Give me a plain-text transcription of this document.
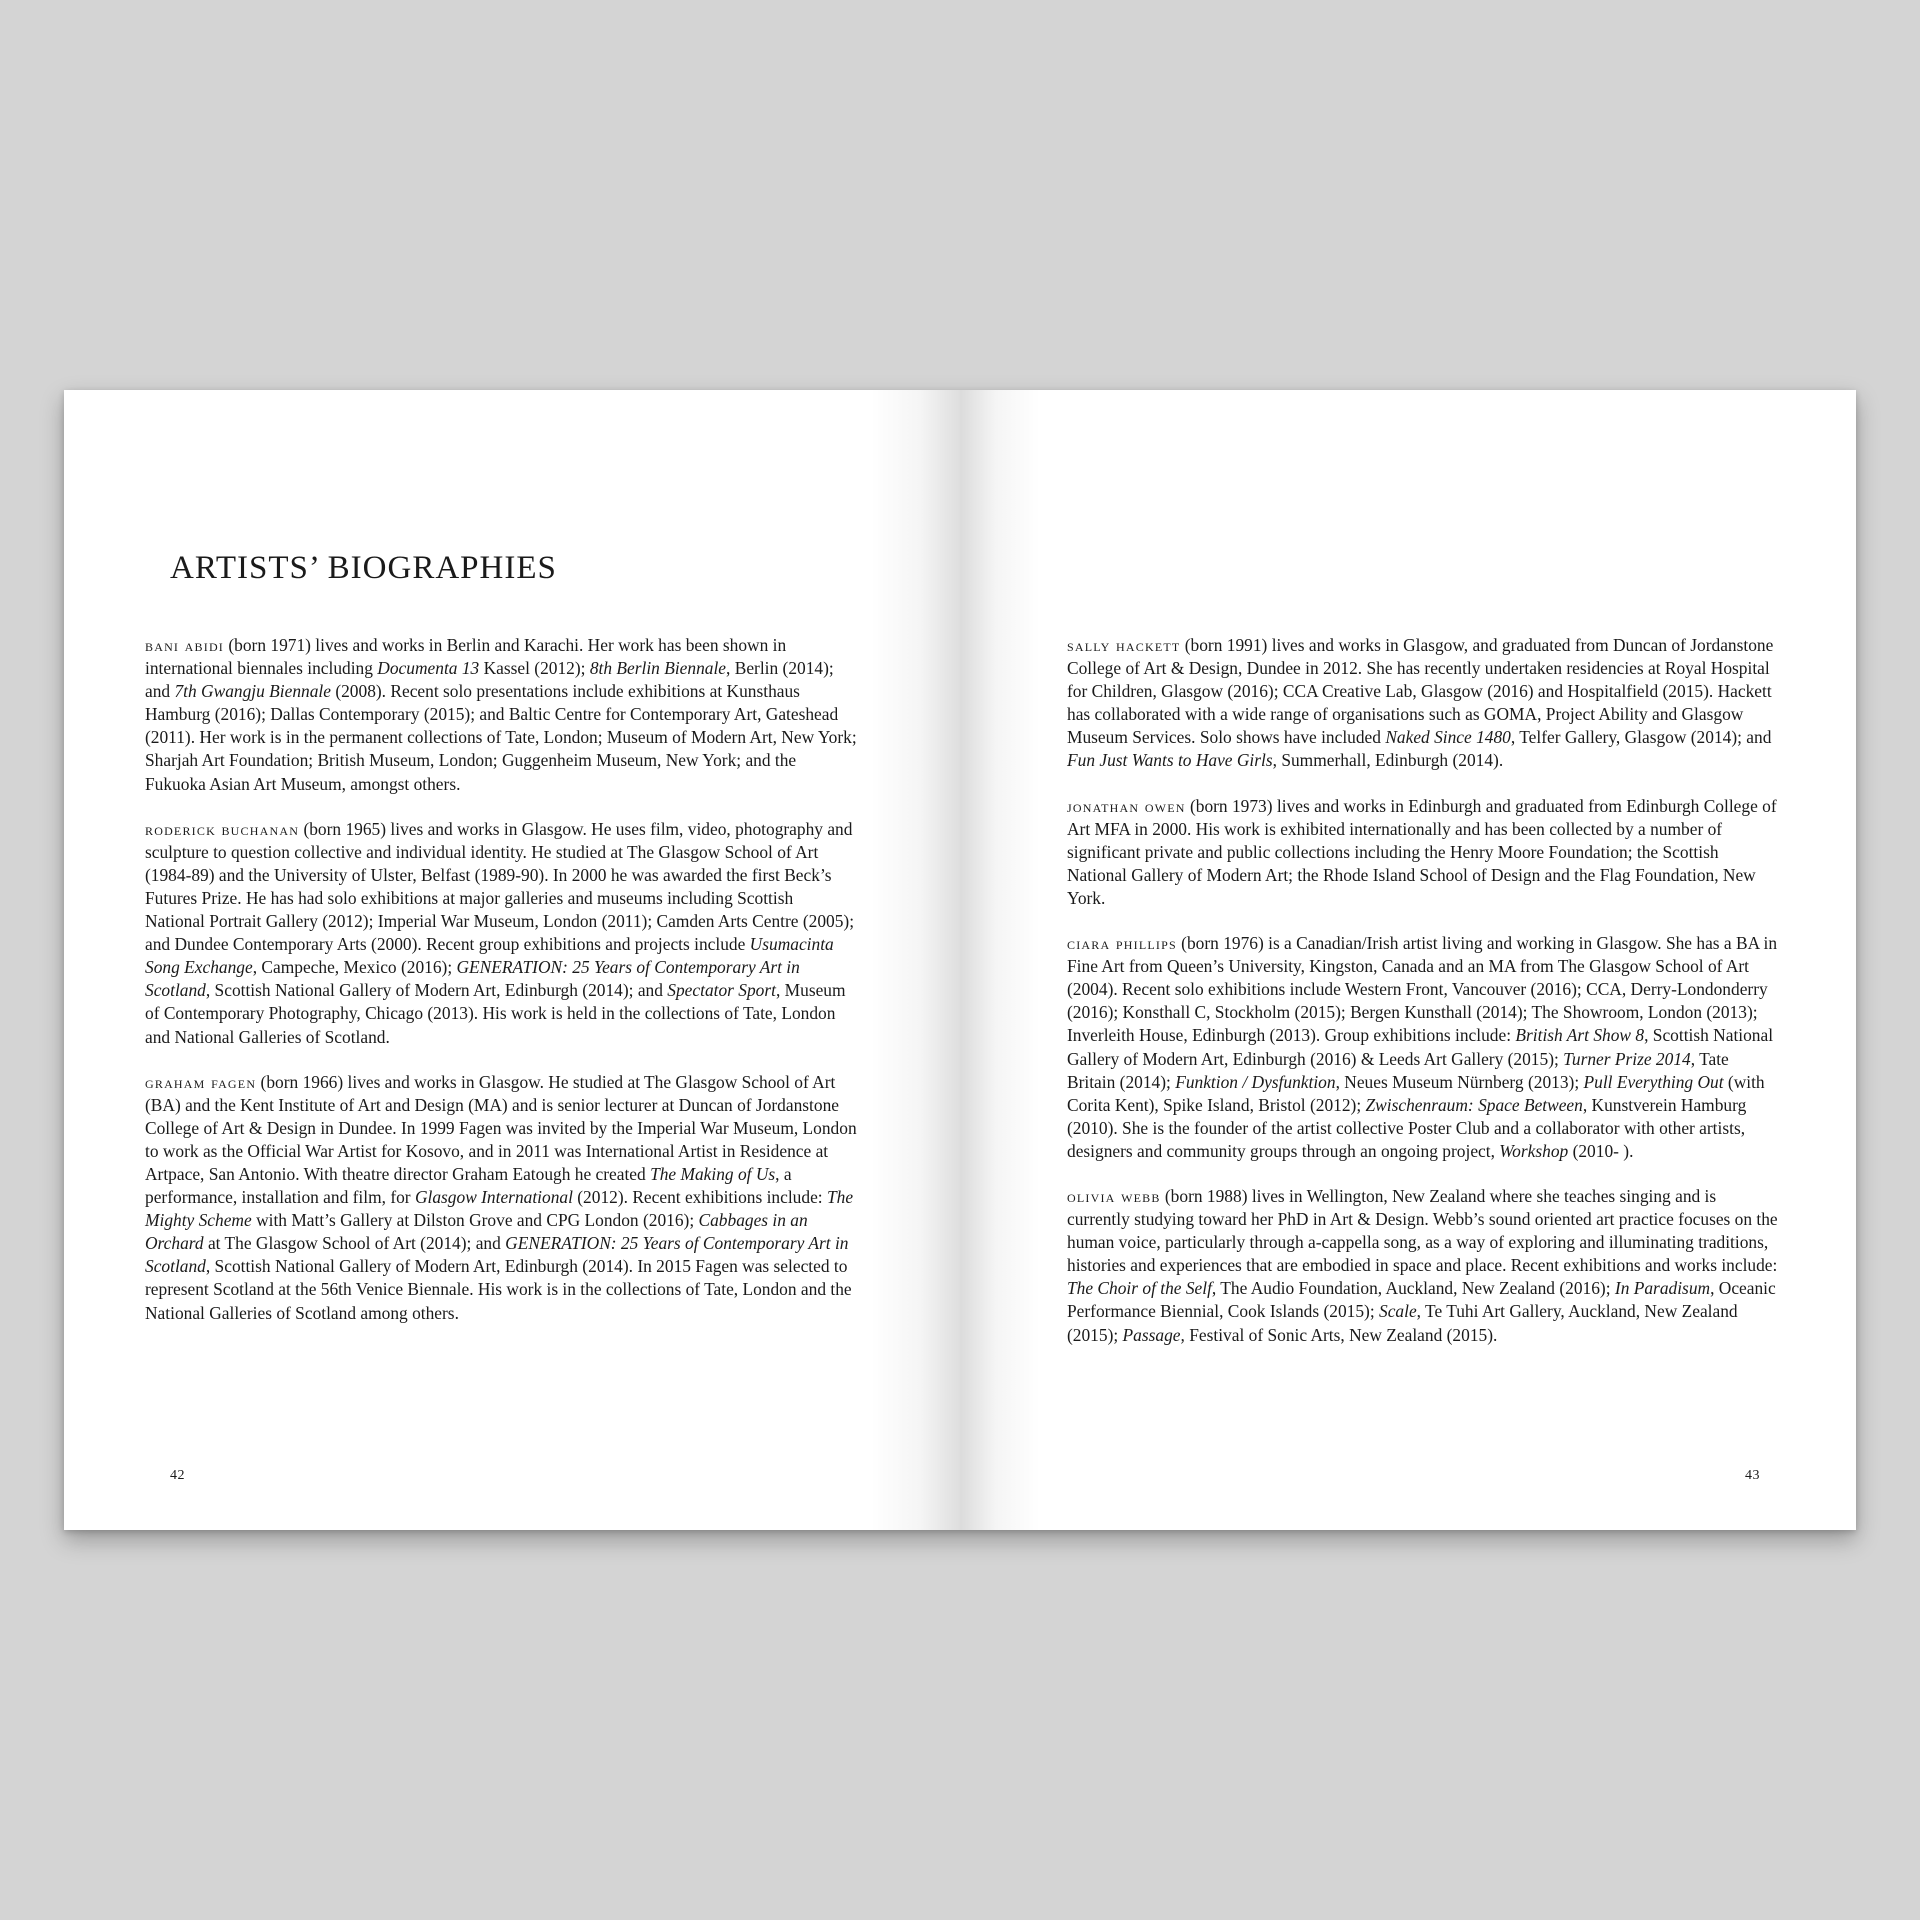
ARTISTS’ BIOGRAPHIES

bani abidi (born 1971) lives and works in Berlin and Karachi. Her work has been shown in international biennales including Documenta 13 Kassel (2012); 8th Berlin Biennale, Berlin (2014); and 7th Gwangju Biennale (2008). Recent solo presentations include exhibitions at Kunsthaus Hamburg (2016); Dallas Contemporary (2015); and Baltic Centre for Contemporary Art, Gateshead (2011). Her work is in the permanent collections of Tate, London; Museum of Modern Art, New York; Sharjah Art Foundation; British Museum, London; Guggenheim Museum, New York; and the Fukuoka Asian Art Museum, amongst others.

roderick buchanan (born 1965) lives and works in Glasgow. He uses film, video, photography and sculpture to question collective and individual identity. He studied at The Glasgow School of Art (1984-89) and the University of Ulster, Belfast (1989-90). In 2000 he was awarded the first Beck’s Futures Prize. He has had solo exhibitions at major galleries and museums including Scottish National Portrait Gallery (2012); Imperial War Museum, London (2011); Camden Arts Centre (2005); and Dundee Contemporary Arts (2000). Recent group exhibitions and projects include Usumacinta Song Exchange, Campeche, Mexico (2016); GENERATION: 25 Years of Contemporary Art in Scotland, Scottish National Gallery of Modern Art, Edinburgh (2014); and Spectator Sport, Museum of Contemporary Photography, Chicago (2013). His work is held in the collections of Tate, London and National Galleries of Scotland.

graham fagen (born 1966) lives and works in Glasgow. He studied at The Glasgow School of Art (BA) and the Kent Institute of Art and Design (MA) and is senior lecturer at Duncan of Jordanstone College of Art & Design in Dundee. In 1999 Fagen was invited by the Imperial War Museum, London to work as the Official War Artist for Kosovo, and in 2011 was International Artist in Residence at Artpace, San Antonio. With theatre director Graham Eatough he created The Making of Us, a performance, installation and film, for Glasgow International (2012). Recent exhibitions include: The Mighty Scheme with Matt’s Gallery at Dilston Grove and CPG London (2016); Cabbages in an Orchard at The Glasgow School of Art (2014); and GENERATION: 25 Years of Contemporary Art in Scotland, Scottish National Gallery of Modern Art, Edinburgh (2014). In 2015 Fagen was selected to represent Scotland at the 56th Venice Biennale. His work is in the collections of Tate, London and the National Galleries of Scotland among others.

42

sally hackett (born 1991) lives and works in Glasgow, and graduated from Duncan of Jordanstone College of Art & Design, Dundee in 2012. She has recently undertaken residencies at Royal Hospital for Children, Glasgow (2016); CCA Creative Lab, Glasgow (2016) and Hospitalfield (2015). Hackett has collaborated with a wide range of organisations such as GOMA, Project Ability and Glasgow Museum Services. Solo shows have included Naked Since 1480, Telfer Gallery, Glasgow (2014); and Fun Just Wants to Have Girls, Summerhall, Edinburgh (2014).

jonathan owen (born 1973) lives and works in Edinburgh and graduated from Edinburgh College of Art MFA in 2000. His work is exhibited internationally and has been collected by a number of significant private and public collections including the Henry Moore Foundation; the Scottish National Gallery of Modern Art; the Rhode Island School of Design and the Flag Foundation, New York.

ciara phillips (born 1976) is a Canadian/Irish artist living and working in Glasgow. She has a BA in Fine Art from Queen’s University, Kingston, Canada and an MA from The Glasgow School of Art (2004). Recent solo exhibitions include Western Front, Vancouver (2016); CCA, Derry-Londonderry (2016); Konsthall C, Stockholm (2015); Bergen Kunsthall (2014); The Showroom, London (2013); Inverleith House, Edinburgh (2013). Group exhibitions include: British Art Show 8, Scottish National Gallery of Modern Art, Edinburgh (2016) & Leeds Art Gallery (2015); Turner Prize 2014, Tate Britain (2014); Funktion / Dysfunktion, Neues Museum Nürnberg (2013); Pull Everything Out (with Corita Kent), Spike Island, Bristol (2012); Zwischenraum: Space Between, Kunstverein Hamburg (2010). She is the founder of the artist collective Poster Club and a collaborator with other artists, designers and community groups through an ongoing project, Workshop (2010- ).

olivia webb (born 1988) lives in Wellington, New Zealand where she teaches singing and is currently studying toward her PhD in Art & Design. Webb’s sound oriented art practice focuses on the human voice, particularly through a-cappella song, as a way of exploring and illuminating traditions, histories and experiences that are embodied in space and place. Recent exhibitions and works include: The Choir of the Self, The Audio Foundation, Auckland, New Zealand (2016); In Paradisum, Oceanic Performance Biennial, Cook Islands (2015); Scale, Te Tuhi Art Gallery, Auckland, New Zealand (2015); Passage, Festival of Sonic Arts, New Zealand (2015).

43
